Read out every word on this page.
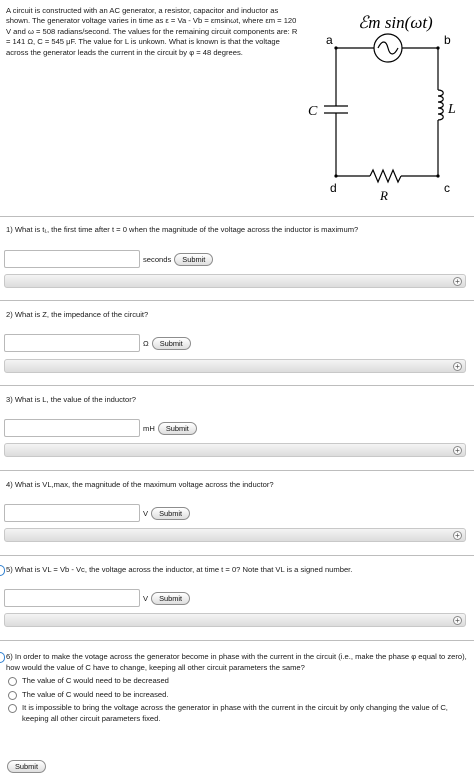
A circuit is constructed with an AC generator, a resistor, capacitor and inductor as shown. The generator voltage varies in time as ε = Va - Vb = εmsinωt, where εm = 120 V and ω = 508 radians/second. The values for the remaining circuit components are: R = 141 Ω, C = 545 μF. The value for L is unkown. What is known is that the voltage across the generator leads the current in the circuit by φ = 48 degrees.
ℰm sin(ωt)
a	b
d	c
C	L
R
1) What is t₁, the first time after t = 0 when the magnitude of the voltage across the inductor is maximum?
seconds	Submit
+
2) What is Z, the impedance of the circuit?
Ω	Submit
+
3) What is L, the value of the inductor?
mH	Submit
+
4) What is VL,max, the magnitude of the maximum voltage across the inductor?
V	Submit
+
5) What is VL = Vb - Vc, the voltage across the inductor, at time t = 0? Note that VL is a signed number.
V	Submit
+
6) In order to make the votage across the generator become in phase with the current in the circuit (i.e., make the phase φ equal to zero), how would the value of C have to change, keeping all other circuit parameters the same?
The value of C would need to be decreased
The value of C would need to be increased.
It is impossible to bring the voltage across the generator in phase with the current in the circuit by only changing the value of C, keeping all other circuit parameters fixed.
Submit
